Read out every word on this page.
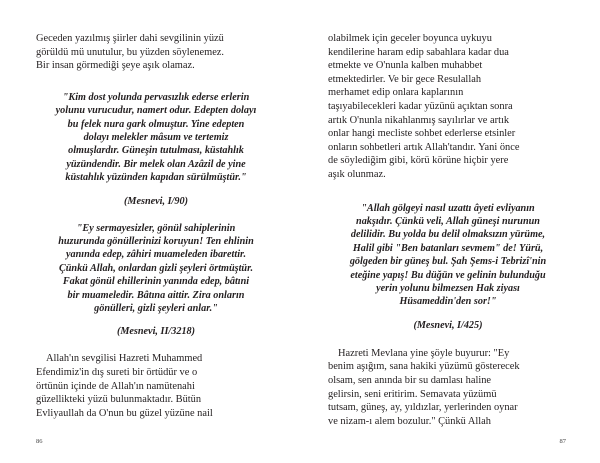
Geceden yazılmış şiirler dahi sevgilinin yüzü
görüldü mü unutulur, bu yüzden söylenemez.
Bir insan görmediği şeye aşık olamaz.

"Kim dost yolunda pervasızlık ederse erlerin
yolunu vurucudur, namert odur. Edepten dolayı
bu felek nura gark olmuştur. Yine edepten
dolayı melekler mâsum ve tertemiz
olmuşlardır. Güneşin tutulması, küstahlık
yüzündendir. Bir melek olan Azâzil de yine
küstahlık yüzünden kapıdan sürülmüştür."

(Mesnevi, I/90)

"Ey sermayesizler, gönül sahiplerinin
huzurunda gönüllerinizi koruyun! Ten ehlinin
yanında edep, zâhiri muameleden ibarettir.
Çünkü Allah, onlardan gizli şeyleri örtmüştür.
Fakat gönül ehillerinin yanında edep, bâtıni
bir muameledir. Bâtına aittir. Zira onların
gönülleri, gizli şeyleri anlar."

(Mesnevi, II/3218)

Allah'ın sevgilisi Hazreti Muhammed
Efendimiz'in dış sureti bir örtüdür ve o
örtünün içinde de Allah'ın namütenahi
güzellikteki yüzü bulunmaktadır. Bütün
Evliyaullah da O'nun bu güzel yüzüne nail

86

olabilmek için geceler boyunca uykuyu
kendilerine haram edip sabahlara kadar dua
etmekte ve O'nunla kalben muhabbet
etmektedirler. Ve bir gece Resulallah
merhamet edip onlara kaplarının
taşıyabilecekleri kadar yüzünü açıktan sonra
artık O'nunla nikahlanmış sayılırlar ve artık
onlar hangi mecliste sohbet ederlerse etsinler
onların sohbetleri artık Allah'tandır. Yani önce
de söylediğim gibi, körü körüne hiçbir yere
aşık olunmaz.

"Allah gölgeyi nasıl uzattı âyeti evliyanın
nakşıdır. Çünkü veli, Allah güneşi nurunun
delilidir. Bu yolda bu delil olmaksızın yürüme,
Halil gibi "Ben batanları sevmem" de! Yürü,
gölgeden bir güneş bul. Şah Şems-i Tebrizî'nin
eteğine yapış! Bu düğün ve gelinin bulunduğu
yerin yolunu bilmezsen Hak ziyası
Hüsameddin'den sor!"

(Mesnevi, I/425)

Hazreti Mevlana yine şöyle buyurur: "Ey
benim aşığım, sana hakiki yüzümü gösterecek
olsam, sen anında bir su damlası haline
gelirsin, seni eritirim. Semavata yüzümü
tutsam, güneş, ay, yıldızlar, yerlerinden oynar
ve nizam-ı alem bozulur." Çünkü Allah

87
